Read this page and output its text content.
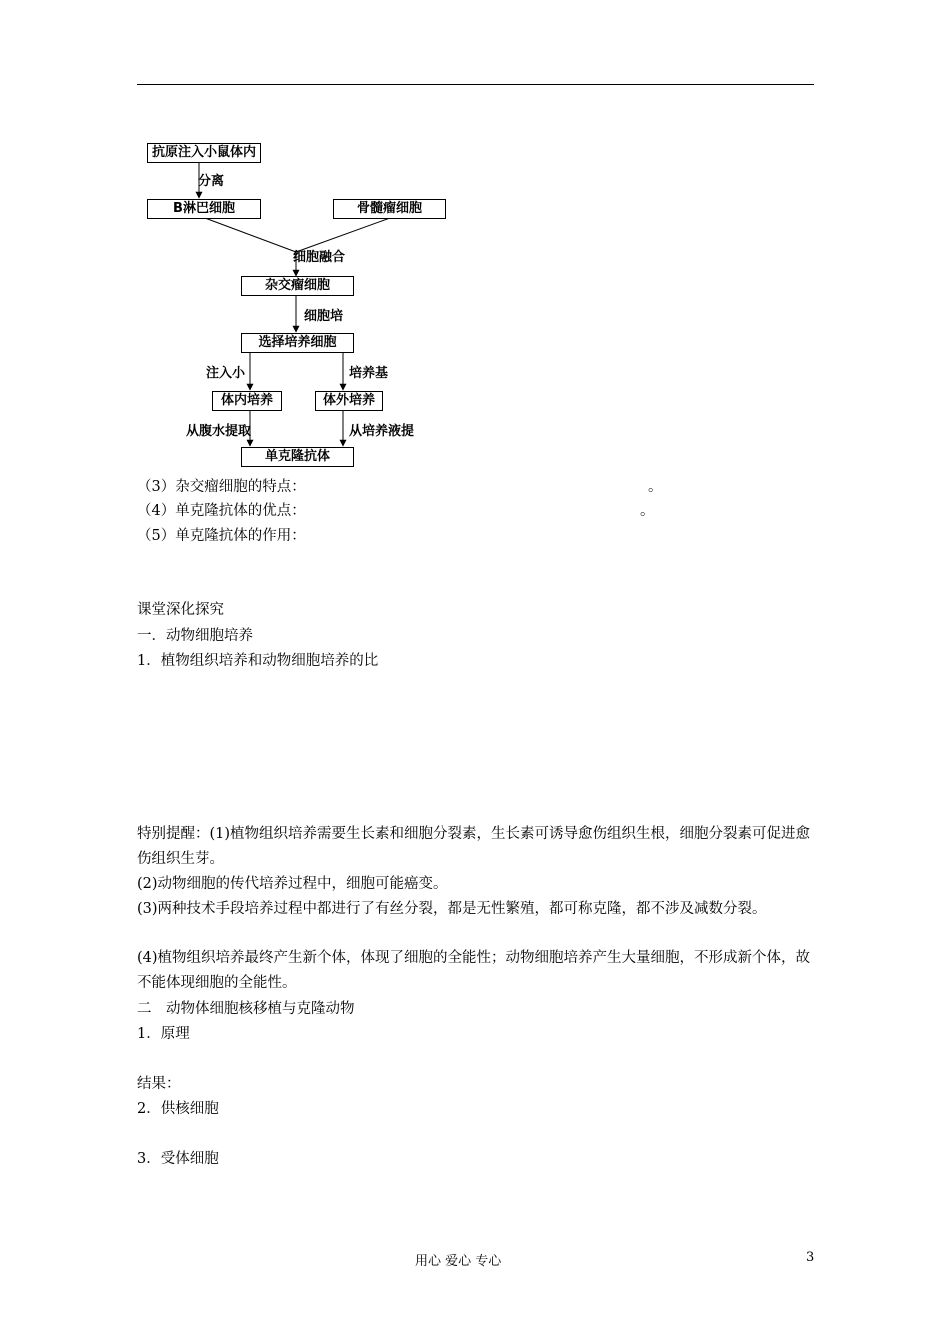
抗原注入小鼠体内
分离
B淋巴细胞	骨髓瘤细胞
细胞融合
杂交瘤细胞
细胞培
选择培养细胞
注入小	培养基
体内培养	体外培养
从腹水提取	从培养液提
单克隆抗体
（3）杂交瘤细胞的特点：	。
（4）单克隆抗体的优点：	。
（5）单克隆抗体的作用：
课堂深化探究
一．动物细胞培养
1．植物组织培养和动物细胞培养的比
特别提醒：(1)植物组织培养需要生长素和细胞分裂素，生长素可诱导愈伤组织生根，细胞分裂素可促进愈伤组织生芽。
(2)动物细胞的传代培养过程中，细胞可能癌变。
(3)两种技术手段培养过程中都进行了有丝分裂，都是无性繁殖，都可称克隆，都不涉及减数分裂。
(4)植物组织培养最终产生新个体，体现了细胞的全能性；动物细胞培养产生大量细胞，不形成新个体，故不能体现细胞的全能性。
二　动物体细胞核移植与克隆动物
1．原理
结果：
2．供核细胞
3．受体细胞
用心 爱心 专心	3
